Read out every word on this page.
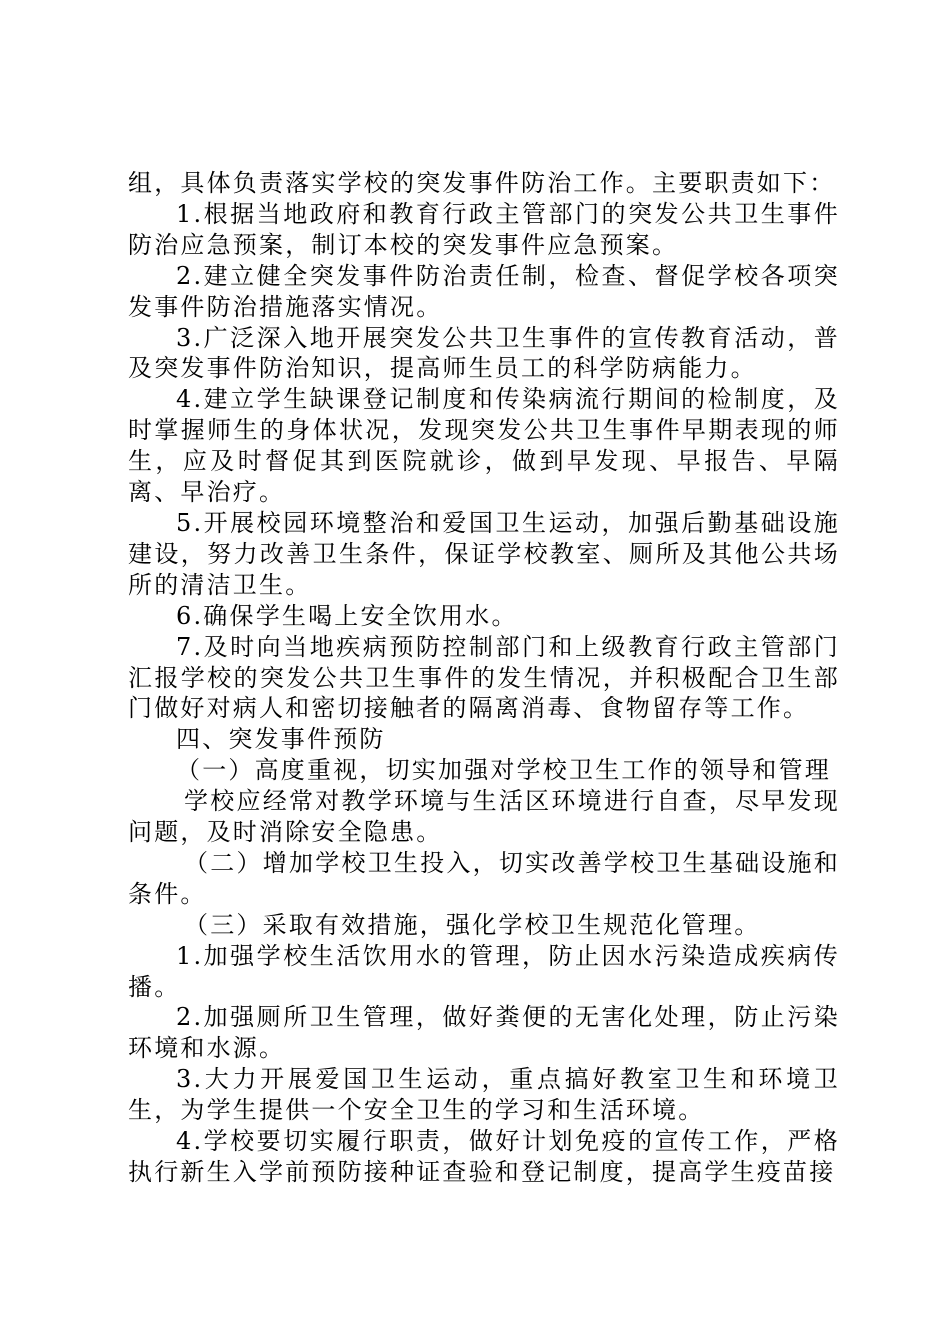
组，具体负责落实学校的突发事件防治工作。主要职责如下：

1.根据当地政府和教育行政主管部门的突发公共卫生事件防治应急预案，制订本校的突发事件应急预案。

2.建立健全突发事件防治责任制，检查、督促学校各项突发事件防治措施落实情况。

3.广泛深入地开展突发公共卫生事件的宣传教育活动，普及突发事件防治知识，提高师生员工的科学防病能力。

4.建立学生缺课登记制度和传染病流行期间的检制度，及时掌握师生的身体状况，发现突发公共卫生事件早期表现的师生，应及时督促其到医院就诊，做到早发现、早报告、早隔离、早治疗。

5.开展校园环境整治和爱国卫生运动，加强后勤基础设施建设，努力改善卫生条件，保证学校教室、厕所及其他公共场所的清洁卫生。

6.确保学生喝上安全饮用水。

7.及时向当地疾病预防控制部门和上级教育行政主管部门汇报学校的突发公共卫生事件的发生情况，并积极配合卫生部门做好对病人和密切接触者的隔离消毒、食物留存等工作。

四、突发事件预防

（一）高度重视，切实加强对学校卫生工作的领导和管理

学校应经常对教学环境与生活区环境进行自查，尽早发现问题，及时消除安全隐患。

（二）增加学校卫生投入，切实改善学校卫生基础设施和条件。

（三）采取有效措施，强化学校卫生规范化管理。

1.加强学校生活饮用水的管理，防止因水污染造成疾病传播。

2.加强厕所卫生管理，做好粪便的无害化处理，防止污染环境和水源。

3.大力开展爱国卫生运动，重点搞好教室卫生和环境卫生，为学生提供一个安全卫生的学习和生活环境。

4.学校要切实履行职责，做好计划免疫的宣传工作，严格执行新生入学前预防接种证查验和登记制度，提高学生疫苗接
